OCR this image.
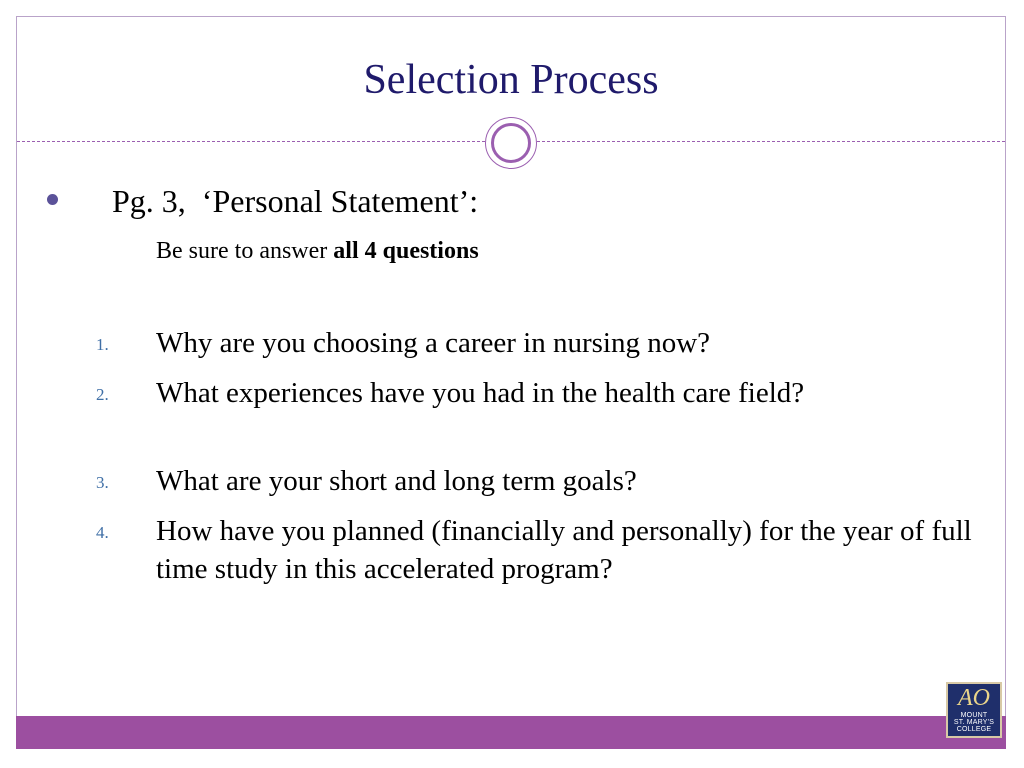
Selection Process
Pg. 3,  ‘Personal Statement’:
Be sure to answer all 4 questions
1. Why are you choosing a career in nursing now?
2. What experiences have you had in the health care field?
3. What are your short and long term goals?
4. How have you planned (financially and personally) for the year of full time study in this accelerated program?
AO
MOUNT
ST. MARY'S
COLLEGE
